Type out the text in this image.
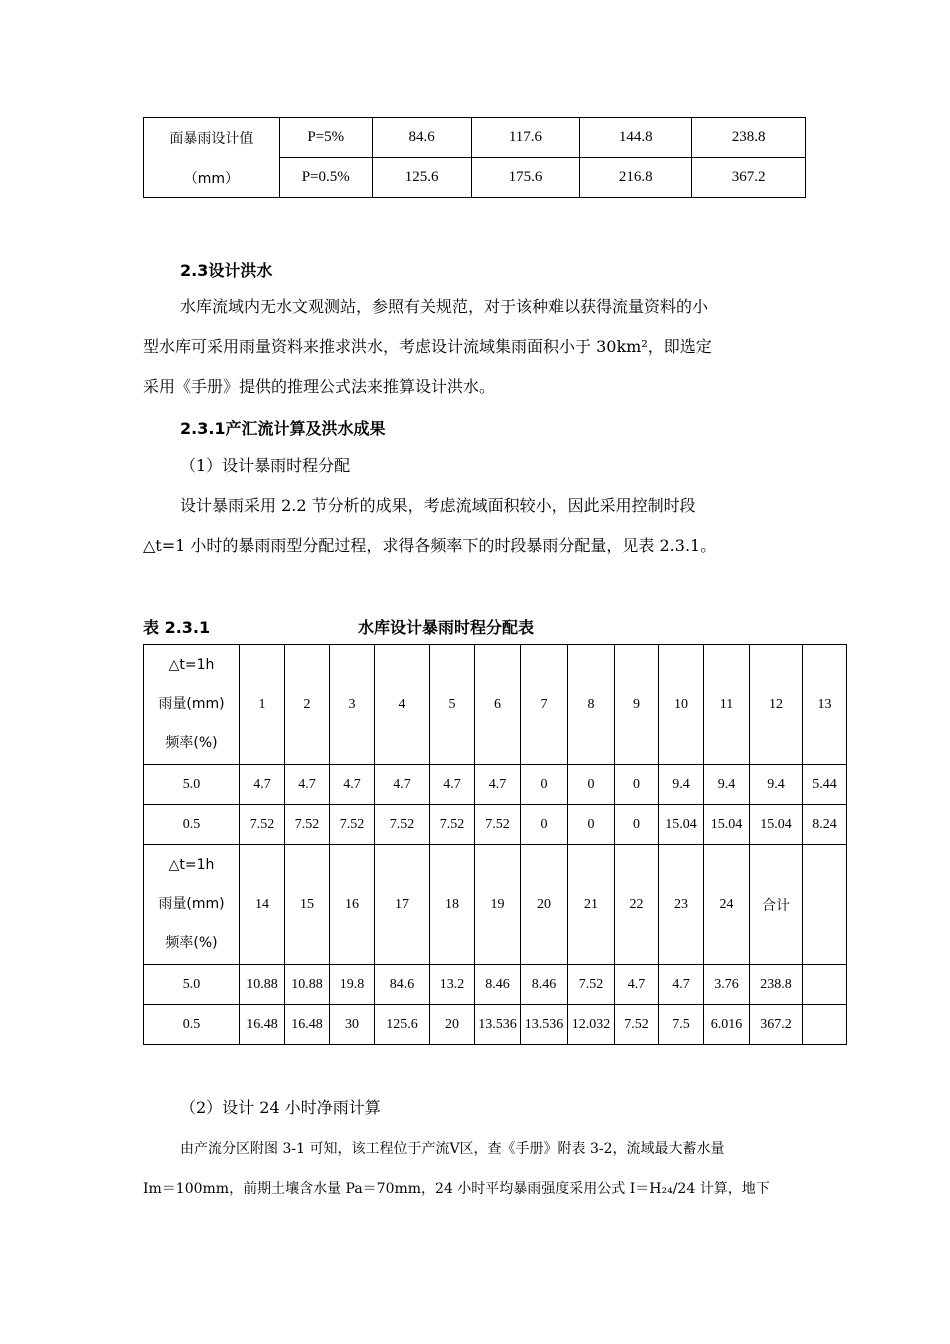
面暴雨设计值
（mm）	P=5%	84.6	117.6	144.8	238.8
	P=0.5%	125.6	175.6	216.8	367.2
2.3设计洪水
水库流域内无水文观测站，参照有关规范，对于该种难以获得流量资料的小
型水库可采用雨量资料来推求洪水，考虑设计流域集雨面积小于 30km²，即选定
采用《手册》提供的推理公式法来推算设计洪水。
2.3.1产汇流计算及洪水成果
（1）设计暴雨时程分配
设计暴雨采用 2.2 节分析的成果，考虑流域面积较小，因此采用控制时段
△t=1 小时的暴雨雨型分配过程，求得各频率下的时段暴雨分配量，见表 2.3.1。
表 2.3.1	水库设计暴雨时程分配表
△t=1h
雨量(mm)
频率(%)	1	2	3	4	5	6	7	8	9	10	11	12	13
5.0	4.7	4.7	4.7	4.7	4.7	4.7	0	0	0	9.4	9.4	9.4	5.44
0.5	7.52	7.52	7.52	7.52	7.52	7.52	0	0	0	15.04	15.04	15.04	8.24

△t=1h
雨量(mm)
频率(%)	14	15	16	17	18	19	20	21	22	23	24	合计	
5.0	10.88	10.88	19.8	84.6	13.2	8.46	8.46	7.52	4.7	4.7	3.76	238.8	
0.5	16.48	16.48	30	125.6	20	13.536	13.536	12.032	7.52	7.5	6.016	367.2	
（2）设计 24 小时净雨计算
由产流分区附图 3-1 可知，该工程位于产流Ⅴ区，查《手册》附表 3-2，流域最大蓄水量
Im＝100mm，前期土壤含水量 Pa＝70mm，24 小时平均暴雨强度采用公式 I＝H₂₄/24 计算，地下
